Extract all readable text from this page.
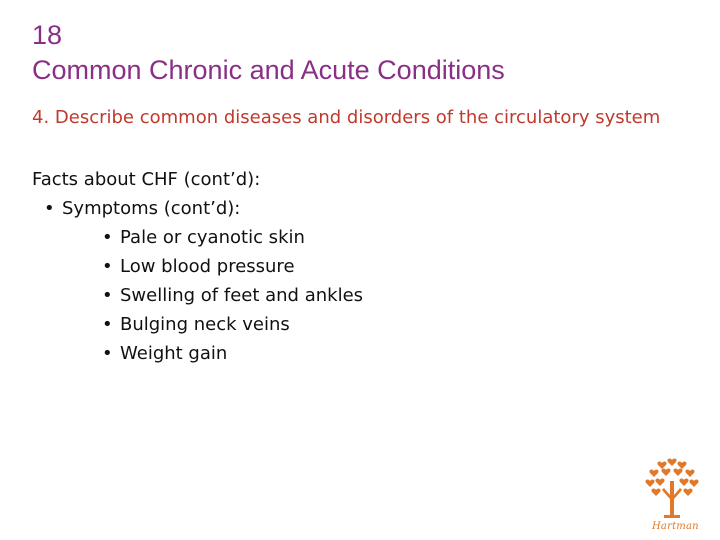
18
Common Chronic and Acute Conditions
4. Describe common diseases and disorders of the circulatory system
Facts about CHF (cont’d):
• Symptoms (cont’d):
• Pale or cyanotic skin
• Low blood pressure
• Swelling of feet and ankles
• Bulging neck veins
• Weight gain
Hartman
